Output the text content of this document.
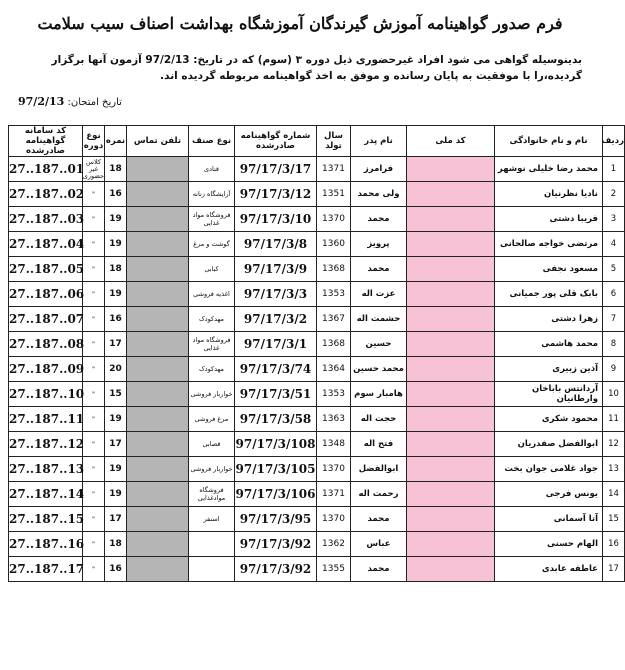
فرم صدور گواهینامه آموزش گیرندگان آموزشگاه بهداشت اصناف سیب سلامت
بدینوسیله گواهی می شود افراد غیرحضوری ذیل دوره ۳ (سوم) که در تاریخ: 97/2/13 آزمون آنها برگزار گردیده،را با موفقیت به پایان رسانده و موفق به اخذ گواهینامه مربوطه گردیده اند.
تاریخ امتحان: 97/2/13
ردیف	نام و نام خانوادگی	کد ملی	نام پدر	سال تولد	شماره گواهینامه صادرشده	نوع صنف	تلفن تماس	نمره	نوع دوره	کد سامانه گواهینامه صادرشده
1	محمد رضا خلیلی نوشهر		فرامرز	1371	97/17/3/17	قنادی		18	کلاس غیر حضوری	27..187..01
2	نادیا نظرنیان		ولی محمد	1351	97/17/3/12	آرایشگاه زنانه		16	"	27..187..02
3	فریبا دشتی		محمد	1370	97/17/3/10	فروشگاه مواد غذایی		19	"	27..187..03
4	مرتضی خواجه صالحانی		پرویز	1360	97/17/3/8	گوشت و مرغ		19	"	27..187..04
5	مسعود نجفی		محمد	1368	97/17/3/9	کبابی		18	"	27..187..05
6	بابک قلی پور جمیانی		عزت اله	1353	97/17/3/3	اغذیه فروشی		19	"	27..187..06
7	زهرا دشتی		حشمت اله	1367	97/17/3/2	مهدکودک		16	"	27..187..07
8	محمد هاشمی		حسین	1368	97/17/3/1	فروشگاه مواد غذایی		17	"	27..187..08
9	آذین زبیری		محمد حسین	1364	97/17/3/74	مهدکودک		20	"	27..187..09
10	آردانتس باباخان وارطانیان		هامبار سوم	1353	97/17/3/51	خواربار فروشی		15	"	27..187..10
11	محمود شکری		حجت اله	1363	97/17/3/58	مرغ فروشی		19	"	27..187..11
12	ابوالفضل صفدریان		فتح اله	1348	97/17/3/108	قصابی		17	"	27..187..12
13	جواد غلامی جوان بخت		ابوالفضل	1370	97/17/3/105	خواربار فروشی		19	"	27..187..13
14	یونس فرجی		رحمت اله	1371	97/17/3/106	فروشگاه موادغذایی		19	"	27..187..14
15	آتا آسمانی		محمد	1370	97/17/3/95	اسنفر		17	"	27..187..15
16	الهام حسنی		عباس	1362	97/17/3/92			18	"	27..187..16
17	عاطفه عابدی		محمد	1355	97/17/3/92			16	"	27..187..17
